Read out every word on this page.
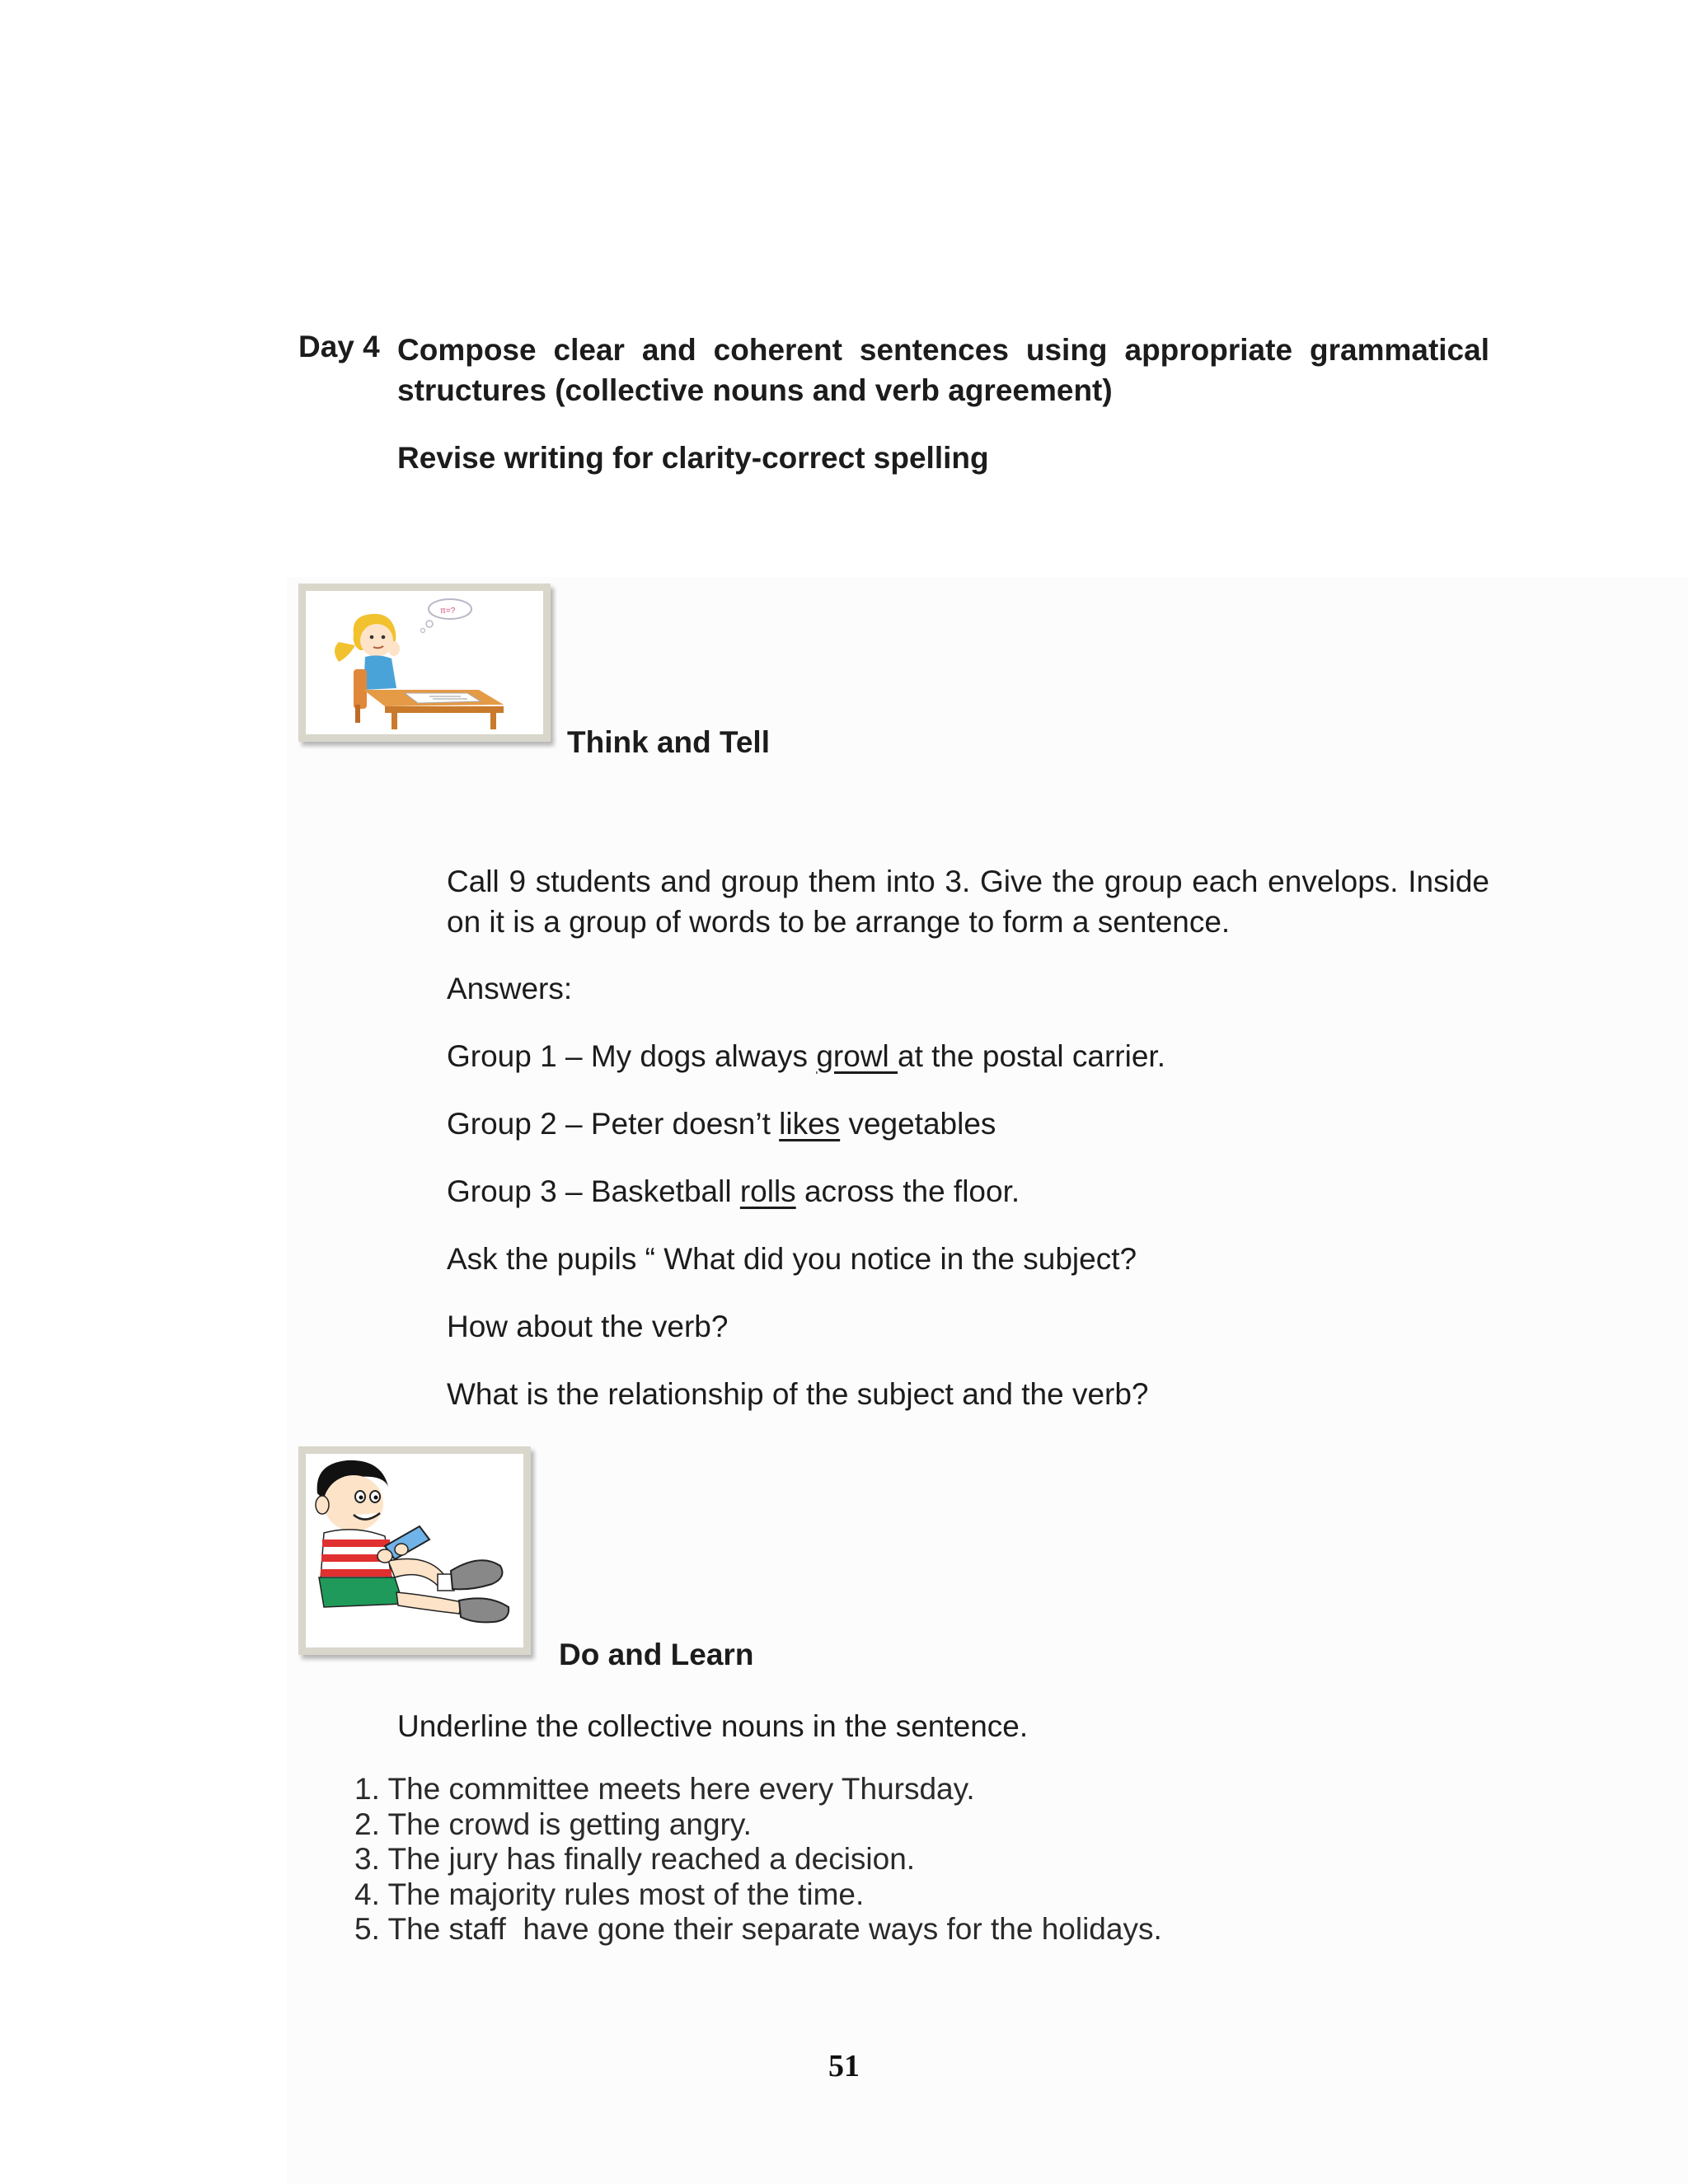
Day 4 Compose clear and coherent sentences using appropriate grammatical structures (collective nouns and verb agreement)
Revise writing for clarity-correct spelling
π=?
Think and Tell
Call 9 students and group them into 3. Give the group each envelops. Inside on it is a group of words to be arrange to form a sentence.
Answers:
Group 1 – My dogs always growl at the postal carrier.
Group 2 – Peter doesn’t likes vegetables
Group 3 – Basketball rolls across the floor.
Ask the pupils “ What did you notice in the subject?
How about the verb?
What is the relationship of the subject and the verb?
Do and Learn
Underline the collective nouns in the sentence.
1. The committee meets here every Thursday.
2. The crowd is getting angry.
3. The jury has finally reached a decision.
4. The majority rules most of the time.
5. The staff  have gone their separate ways for the holidays.
51
